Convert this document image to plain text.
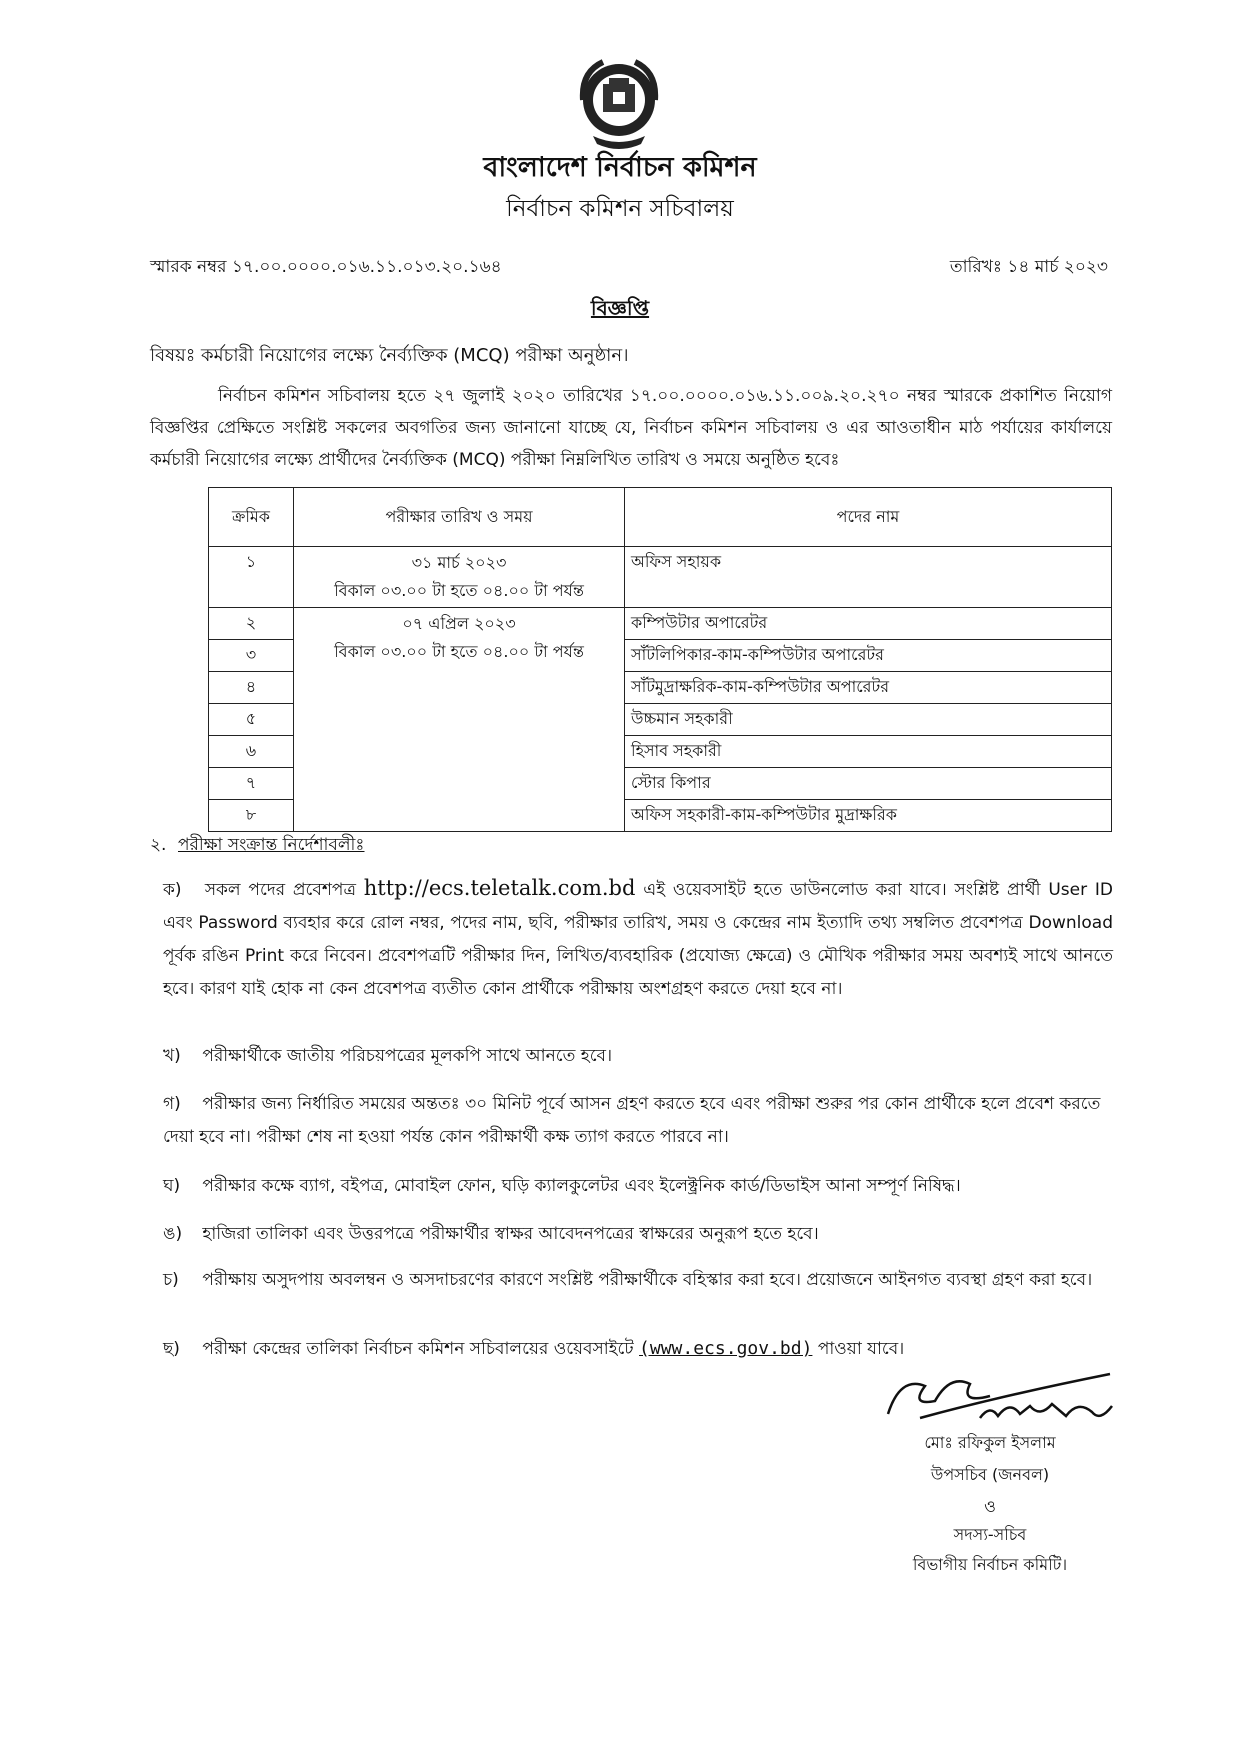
বাংলাদেশ নির্বাচন কমিশন
নির্বাচন কমিশন সচিবালয়
স্মারক নম্বর ১৭.০০.০০০০.০১৬.১১.০১৩.২০.১৬৪	তারিখঃ ১৪ মার্চ ২০২৩
বিজ্ঞপ্তি
বিষয়ঃ কর্মচারী নিয়োগের লক্ষ্যে নৈর্ব্যক্তিক (MCQ) পরীক্ষা অনুষ্ঠান।
নির্বাচন কমিশন সচিবালয় হতে ২৭ জুলাই ২০২০ তারিখের ১৭.০০.০০০০.০১৬.১১.০০৯.২০.২৭০ নম্বর স্মারকে প্রকাশিত নিয়োগ বিজ্ঞপ্তির প্রেক্ষিতে সংশ্লিষ্ট সকলের অবগতির জন্য জানানো যাচ্ছে যে, নির্বাচন কমিশন সচিবালয় ও এর আওতাধীন মাঠ পর্যায়ের কার্যালয়ে কর্মচারী নিয়োগের লক্ষ্যে প্রার্থীদের নৈর্ব্যক্তিক (MCQ) পরীক্ষা নিম্নলিখিত তারিখ ও সময়ে অনুষ্ঠিত হবেঃ
ক্রমিক	পরীক্ষার তারিখ ও সময়	পদের নাম
১	৩১ মার্চ ২০২৩
বিকাল ০৩.০০ টা হতে ০৪.০০ টা পর্যন্ত	অফিস সহায়ক
২	০৭ এপ্রিল ২০২৩
বিকাল ০৩.০০ টা হতে ০৪.০০ টা পর্যন্ত	কম্পিউটার অপারেটর
৩		সাঁটলিপিকার-কাম-কম্পিউটার অপারেটর
৪		সাঁটমুদ্রাক্ষরিক-কাম-কম্পিউটার অপারেটর
৫		উচ্চমান সহকারী
৬		হিসাব সহকারী
৭		স্টোর কিপার
৮		অফিস সহকারী-কাম-কম্পিউটার মুদ্রাক্ষরিক
২. পরীক্ষা সংক্রান্ত নির্দেশাবলীঃ
ক) সকল পদের প্রবেশপত্র http://ecs.teletalk.com.bd এই ওয়েবসাইট হতে ডাউনলোড করা যাবে। সংশ্লিষ্ট প্রার্থী User ID এবং Password ব্যবহার করে রোল নম্বর, পদের নাম, ছবি, পরীক্ষার তারিখ, সময় ও কেন্দ্রের নাম ইত্যাদি তথ্য সম্বলিত প্রবেশপত্র Download পূর্বক রঙিন Print করে নিবেন। প্রবেশপত্রটি পরীক্ষার দিন, লিখিত/ব্যবহারিক (প্রযোজ্য ক্ষেত্রে) ও মৌখিক পরীক্ষার সময় অবশ্যই সাথে আনতে হবে। কারণ যাই হোক না কেন প্রবেশপত্র ব্যতীত কোন প্রার্থীকে পরীক্ষায় অংশগ্রহণ করতে দেয়া হবে না।
খ) পরীক্ষার্থীকে জাতীয় পরিচয়পত্রের মূলকপি সাথে আনতে হবে।
গ) পরীক্ষার জন্য নির্ধারিত সময়ের অন্ততঃ ৩০ মিনিট পূর্বে আসন গ্রহণ করতে হবে এবং পরীক্ষা শুরুর পর কোন প্রার্থীকে হলে প্রবেশ করতে দেয়া হবে না। পরীক্ষা শেষ না হওয়া পর্যন্ত কোন পরীক্ষার্থী কক্ষ ত্যাগ করতে পারবে না।
ঘ) পরীক্ষার কক্ষে ব্যাগ, বইপত্র, মোবাইল ফোন, ঘড়ি ক্যালকুলেটর এবং ইলেক্ট্রনিক কার্ড/ডিভাইস আনা সম্পূর্ণ নিষিদ্ধ।
ঙ) হাজিরা তালিকা এবং উত্তরপত্রে পরীক্ষার্থীর স্বাক্ষর আবেদনপত্রের স্বাক্ষরের অনুরূপ হতে হবে।
চ) পরীক্ষায় অসুদপায় অবলম্বন ও অসদাচরণের কারণে সংশ্লিষ্ট পরীক্ষার্থীকে বহিস্কার করা হবে। প্রয়োজনে আইনগত ব্যবস্থা গ্রহণ করা হবে।
ছ) পরীক্ষা কেন্দ্রের তালিকা নির্বাচন কমিশন সচিবালয়ের ওয়েবসাইটে (www.ecs.gov.bd) পাওয়া যাবে।
মোঃ রফিকুল ইসলাম
উপসচিব (জনবল)
ও
সদস্য-সচিব
বিভাগীয় নির্বাচন কমিটি।
